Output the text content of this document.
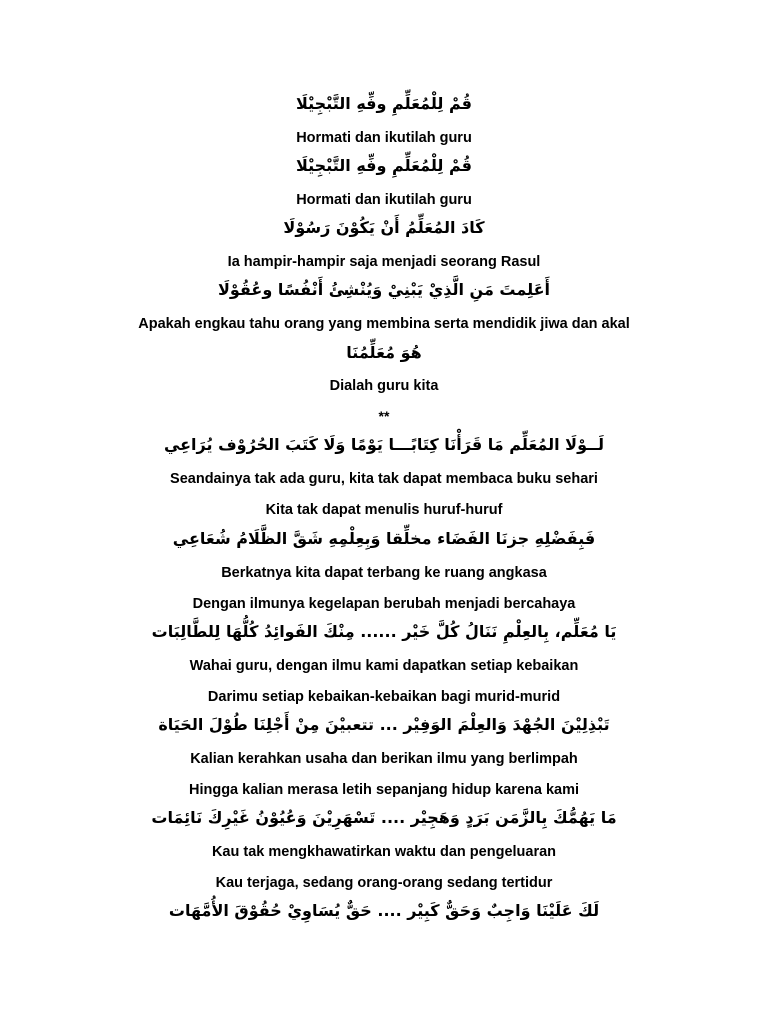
قُمْ لِلْمُعَلِّمِ وفِّهِ التَّبْجِيْلَا
Hormati dan ikutilah guru
قُمْ لِلْمُعَلِّمِ وفِّهِ التَّبْجِيْلَا
Hormati dan ikutilah guru
كَادَ المُعَلِّمُ أَنْ يَكُوْنَ رَسُوْلَا
Ia hampir-hampir saja menjadi seorang Rasul
أَعَلِمتَ مَنِ الَّذِيْ يَبْنِيْ وَيُنْشِئُ أَنْفُسًا وعُقُوْلَا
Apakah engkau tahu orang yang membina serta mendidik jiwa dan akal
هُوَ مُعَلِّمُنَا
Dialah guru kita
**
لَــوْلَا المُعَلِّم مَا قَرَأْنَا كِتَابًـــا يَوْمًا وَلَا كَتَبَ الحُرُوْف يُرَاعِي
Seandainya tak ada guru, kita tak dapat membaca buku sehari
Kita tak dapat menulis huruf-huruf
فَبِفَضْلِهِ جزنَا الفَضَاء مخلِّقا وَبِعِلْمِهِ شَقَّ الظَّلَامُ شُعَاعِي
Berkatnya kita dapat terbang ke ruang angkasa
Dengan ilmunya kegelapan berubah menjadi bercahaya
يَا مُعَلِّم، بِالعِلْمِ نَنَالُ كُلَّ خَيْر ...... مِنْكَ الفَوائِدُ كُلُّهَا لِلطَّالِبَات
Wahai guru, dengan ilmu kami dapatkan setiap kebaikan
Darimu setiap kebaikan-kebaikan bagi murid-murid
تَبْذِلِيْنَ الجُهْدَ وَالعِلْمَ الوَفِيْر ... تتعبيْنَ مِنْ أَجْلِنَا طُوْلَ الحَيَاة
Kalian kerahkan usaha dan berikan ilmu yang berlimpah
Hingga kalian merasa letih sepanjang hidup karena kami
مَا يَهُمُّكَ بِالزَّمَن بَرَدٍ وَهَجِيْر .... تَسْهَرِيْنَ وَعُيُوْنُ غَيْرِكَ نَائِمَات
Kau tak mengkhawatirkan waktu dan pengeluaran
Kau terjaga, sedang orang-orang sedang tertidur
لَكَ عَلَيْنَا وَاجِبٌ وَحَقٌّ كَبِيْر .... حَقٌّ يُسَاوِيْ حُقُوْقَ الأُمَّهَات
